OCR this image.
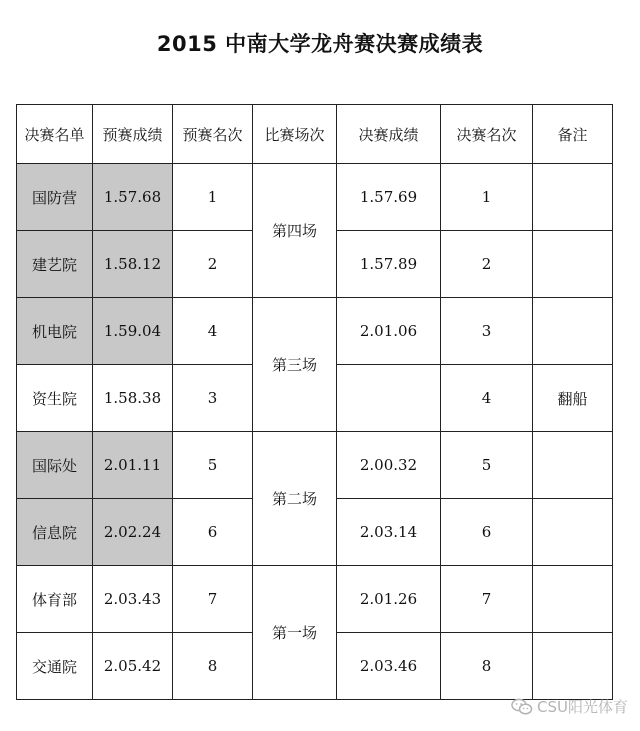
2015 中南大学龙舟赛决赛成绩表
决赛名单	预赛成绩	预赛名次	比赛场次	决赛成绩	决赛名次	备注
国防营	1.57.68	1	第四场	1.57.69	1	
建艺院	1.58.12	2		1.57.89	2	
机电院	1.59.04	4	第三场	2.01.06	3	
资生院	1.58.38	3			4	翻船
国际处	2.01.11	5	第二场	2.00.32	5	
信息院	2.02.24	6		2.03.14	6	
体育部	2.03.43	7	第一场	2.01.26	7	
交通院	2.05.42	8		2.03.46	8	
CSU阳光体育
